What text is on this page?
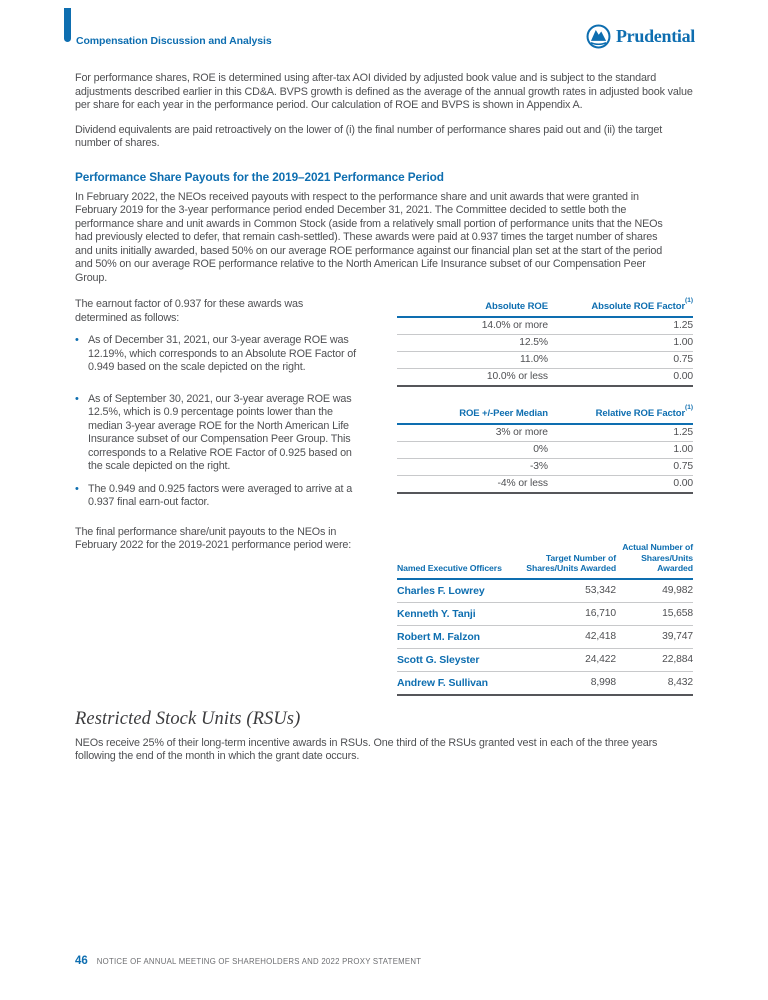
Compensation Discussion and Analysis	Prudential

For performance shares, ROE is determined using after-tax AOI divided by adjusted book value and is subject to the standard adjustments described earlier in this CD&A. BVPS growth is defined as the average of the annual growth rates in adjusted book value per share for each year in the performance period. Our calculation of ROE and BVPS is shown in Appendix A.

Dividend equivalents are paid retroactively on the lower of (i) the final number of performance shares paid out and (ii) the target number of shares.

Performance Share Payouts for the 2019–2021 Performance Period

In February 2022, the NEOs received payouts with respect to the performance share and unit awards that were granted in February 2019 for the 3-year performance period ended December 31, 2021. The Committee decided to settle both the performance share and unit awards in Common Stock (aside from a relatively small portion of performance units that the NEOs had previously elected to defer, that remain cash-settled). These awards were paid at 0.937 times the target number of shares and units initially awarded, based 50% on our average ROE performance against our financial plan set at the start of the period and 50% on our average ROE performance relative to the North American Life Insurance subset of our Compensation Peer Group.

The earnout factor of 0.937 for these awards was determined as follows:

• As of December 31, 2021, our 3-year average ROE was 12.19%, which corresponds to an Absolute ROE Factor of 0.949 based on the scale depicted on the right.
• As of September 30, 2021, our 3-year average ROE was 12.5%, which is 0.9 percentage points lower than the median 3-year average ROE for the North American Life Insurance subset of our Compensation Peer Group. This corresponds to a Relative ROE Factor of 0.925 based on the scale depicted on the right.
• The 0.949 and 0.925 factors were averaged to arrive at a 0.937 final earn-out factor.

The final performance share/unit payouts to the NEOs in February 2022 for the 2019-2021 performance period were:

Absolute ROE	Absolute ROE Factor$^{(1)}$
14.0% or more	1.25
12.5%	1.00
11.0%	0.75
10.0% or less	0.00
ROE +/-Peer Median	Relative ROE Factor$^{(1)}$
3% or more	1.25
0%	1.00
-3%	0.75
-4% or less	0.00
Named Executive Officers	Target Number of Shares/Units Awarded	Actual Number of Shares/Units Awarded
Charles F. Lowrey	53,342	49,982
Kenneth Y. Tanji	16,710	15,658
Robert M. Falzon	42,418	39,747
Scott G. Sleyster	24,422	22,884
Andrew F. Sullivan	8,998	8,432
Restricted Stock Units (RSUs)

NEOs receive 25% of their long-term incentive awards in RSUs. One third of the RSUs granted vest in each of the three years following the end of the month in which the grant date occurs.

46 NOTICE OF ANNUAL MEETING OF SHAREHOLDERS AND 2022 PROXY STATEMENT
